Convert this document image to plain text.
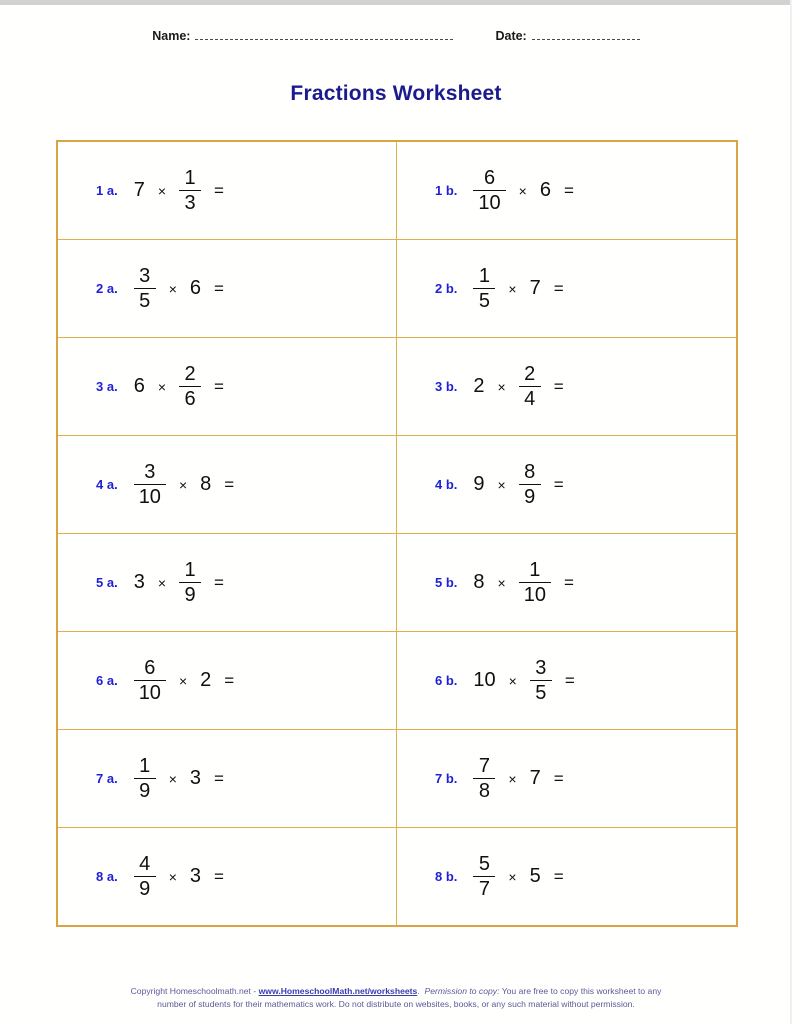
Name:	Date:
Fractions Worksheet
1 a. $7 \times \frac{1}{3}$ =	1 b. $\frac{6}{10} \times 6$ =
2 a. $\frac{3}{5} \times 6$ =	2 b. $\frac{1}{5} \times 7$ =
3 a. $6 \times \frac{2}{6}$ =	3 b. $2 \times \frac{2}{4}$ =
4 a. $\frac{3}{10} \times 8$ =	4 b. $9 \times \frac{8}{9}$ =
5 a. $3 \times \frac{1}{9}$ =	5 b. $8 \times \frac{1}{10}$ =
6 a. $\frac{6}{10} \times 2$ =	6 b. $10 \times \frac{3}{5}$ =
7 a. $\frac{1}{9} \times 3$ =	7 b. $\frac{7}{8} \times 7$ =
8 a. $\frac{4}{9} \times 3$ =	8 b. $\frac{5}{7} \times 5$ =
Copyright Homeschoolmath.net - www.HomeschoolMath.net/worksheets. Permission to copy: You are free to copy this worksheet to any
number of students for their mathematics work. Do not distribute on websites, books, or any such material without permission.
